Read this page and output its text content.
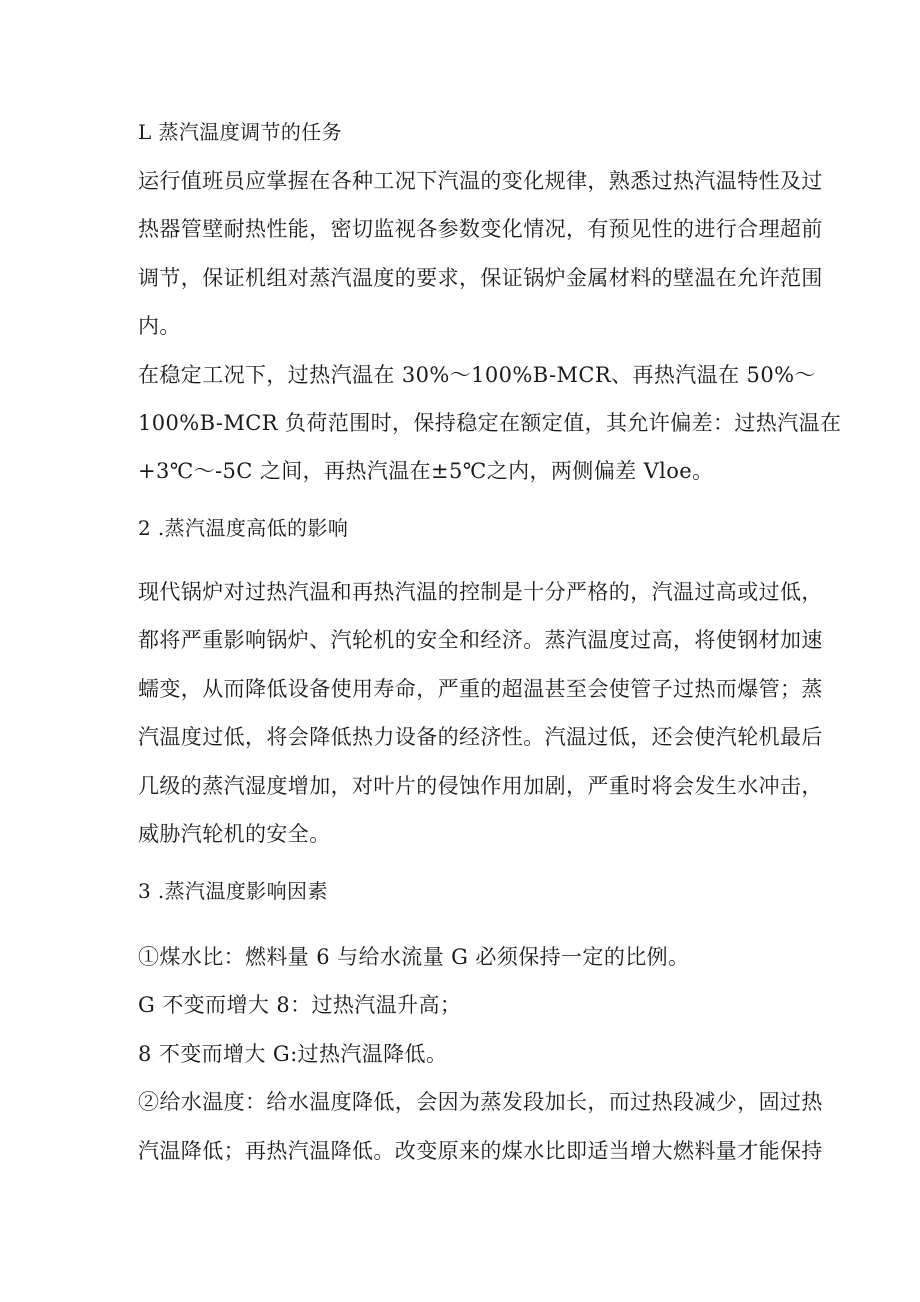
L 蒸汽温度调节的任务
运行值班员应掌握在各种工况下汽温的变化规律，熟悉过热汽温特性及过
热器管壁耐热性能，密切监视各参数变化情况，有预见性的进行合理超前
调节，保证机组对蒸汽温度的要求，保证锅炉金属材料的壁温在允许范围
内。
在稳定工况下，过热汽温在 30%～100%B-MCR、再热汽温在 50%～
100%B-MCR 负荷范围时，保持稳定在额定值，其允许偏差：过热汽温在
+3℃～-5C 之间，再热汽温在±5℃之内，两侧偏差 Vloe。
2 .蒸汽温度高低的影响
现代锅炉对过热汽温和再热汽温的控制是十分严格的，汽温过高或过低，
都将严重影响锅炉、汽轮机的安全和经济。蒸汽温度过高，将使钢材加速
蠕变，从而降低设备使用寿命，严重的超温甚至会使管子过热而爆管；蒸
汽温度过低，将会降低热力设备的经济性。汽温过低，还会使汽轮机最后
几级的蒸汽湿度增加，对叶片的侵蚀作用加剧，严重时将会发生水冲击，
威胁汽轮机的安全。
3 .蒸汽温度影响因素
①煤水比：燃料量 6 与给水流量 G 必须保持一定的比例。
G 不变而增大 8：过热汽温升高；
8 不变而增大 G:过热汽温降低。
②给水温度：给水温度降低，会因为蒸发段加长，而过热段减少，固过热
汽温降低；再热汽温降低。改变原来的煤水比即适当增大燃料量才能保持
